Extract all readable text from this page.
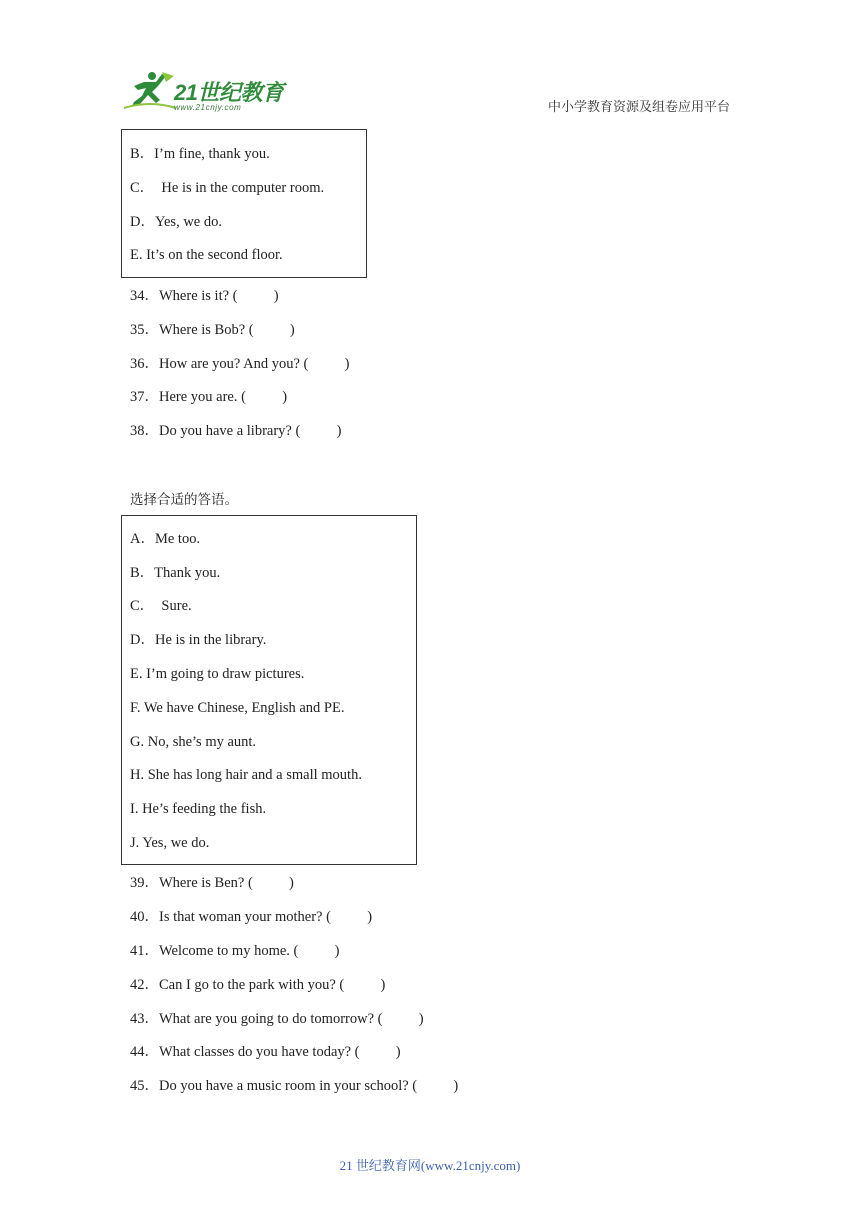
21世纪教育
www.21cnjy.com	中小学教育资源及组卷应用平台
B．I’m fine, thank you.
C．  He is in the computer room.
D．Yes, we do.
E. It’s on the second floor.
34．Where is it? (          )
35．Where is Bob? (          )
36．How are you? And you? (          )
37．Here you are. (          )
38．Do you have a library? (          )
选择合适的答语。
A．Me too.
B．Thank you.
C．  Sure.
D．He is in the library.
E. I’m going to draw pictures.
F. We have Chinese, English and PE.
G. No, she’s my aunt.
H. She has long hair and a small mouth.
I. He’s feeding the fish.
J. Yes, we do.
39．Where is Ben? (          )
40．Is that woman your mother? (          )
41．Welcome to my home. (          )
42．Can I go to the park with you? (          )
43．What are you going to do tomorrow? (          )
44．What classes do you have today? (          )
45．Do you have a music room in your school? (          )
21 世纪教育网(www.21cnjy.com)
